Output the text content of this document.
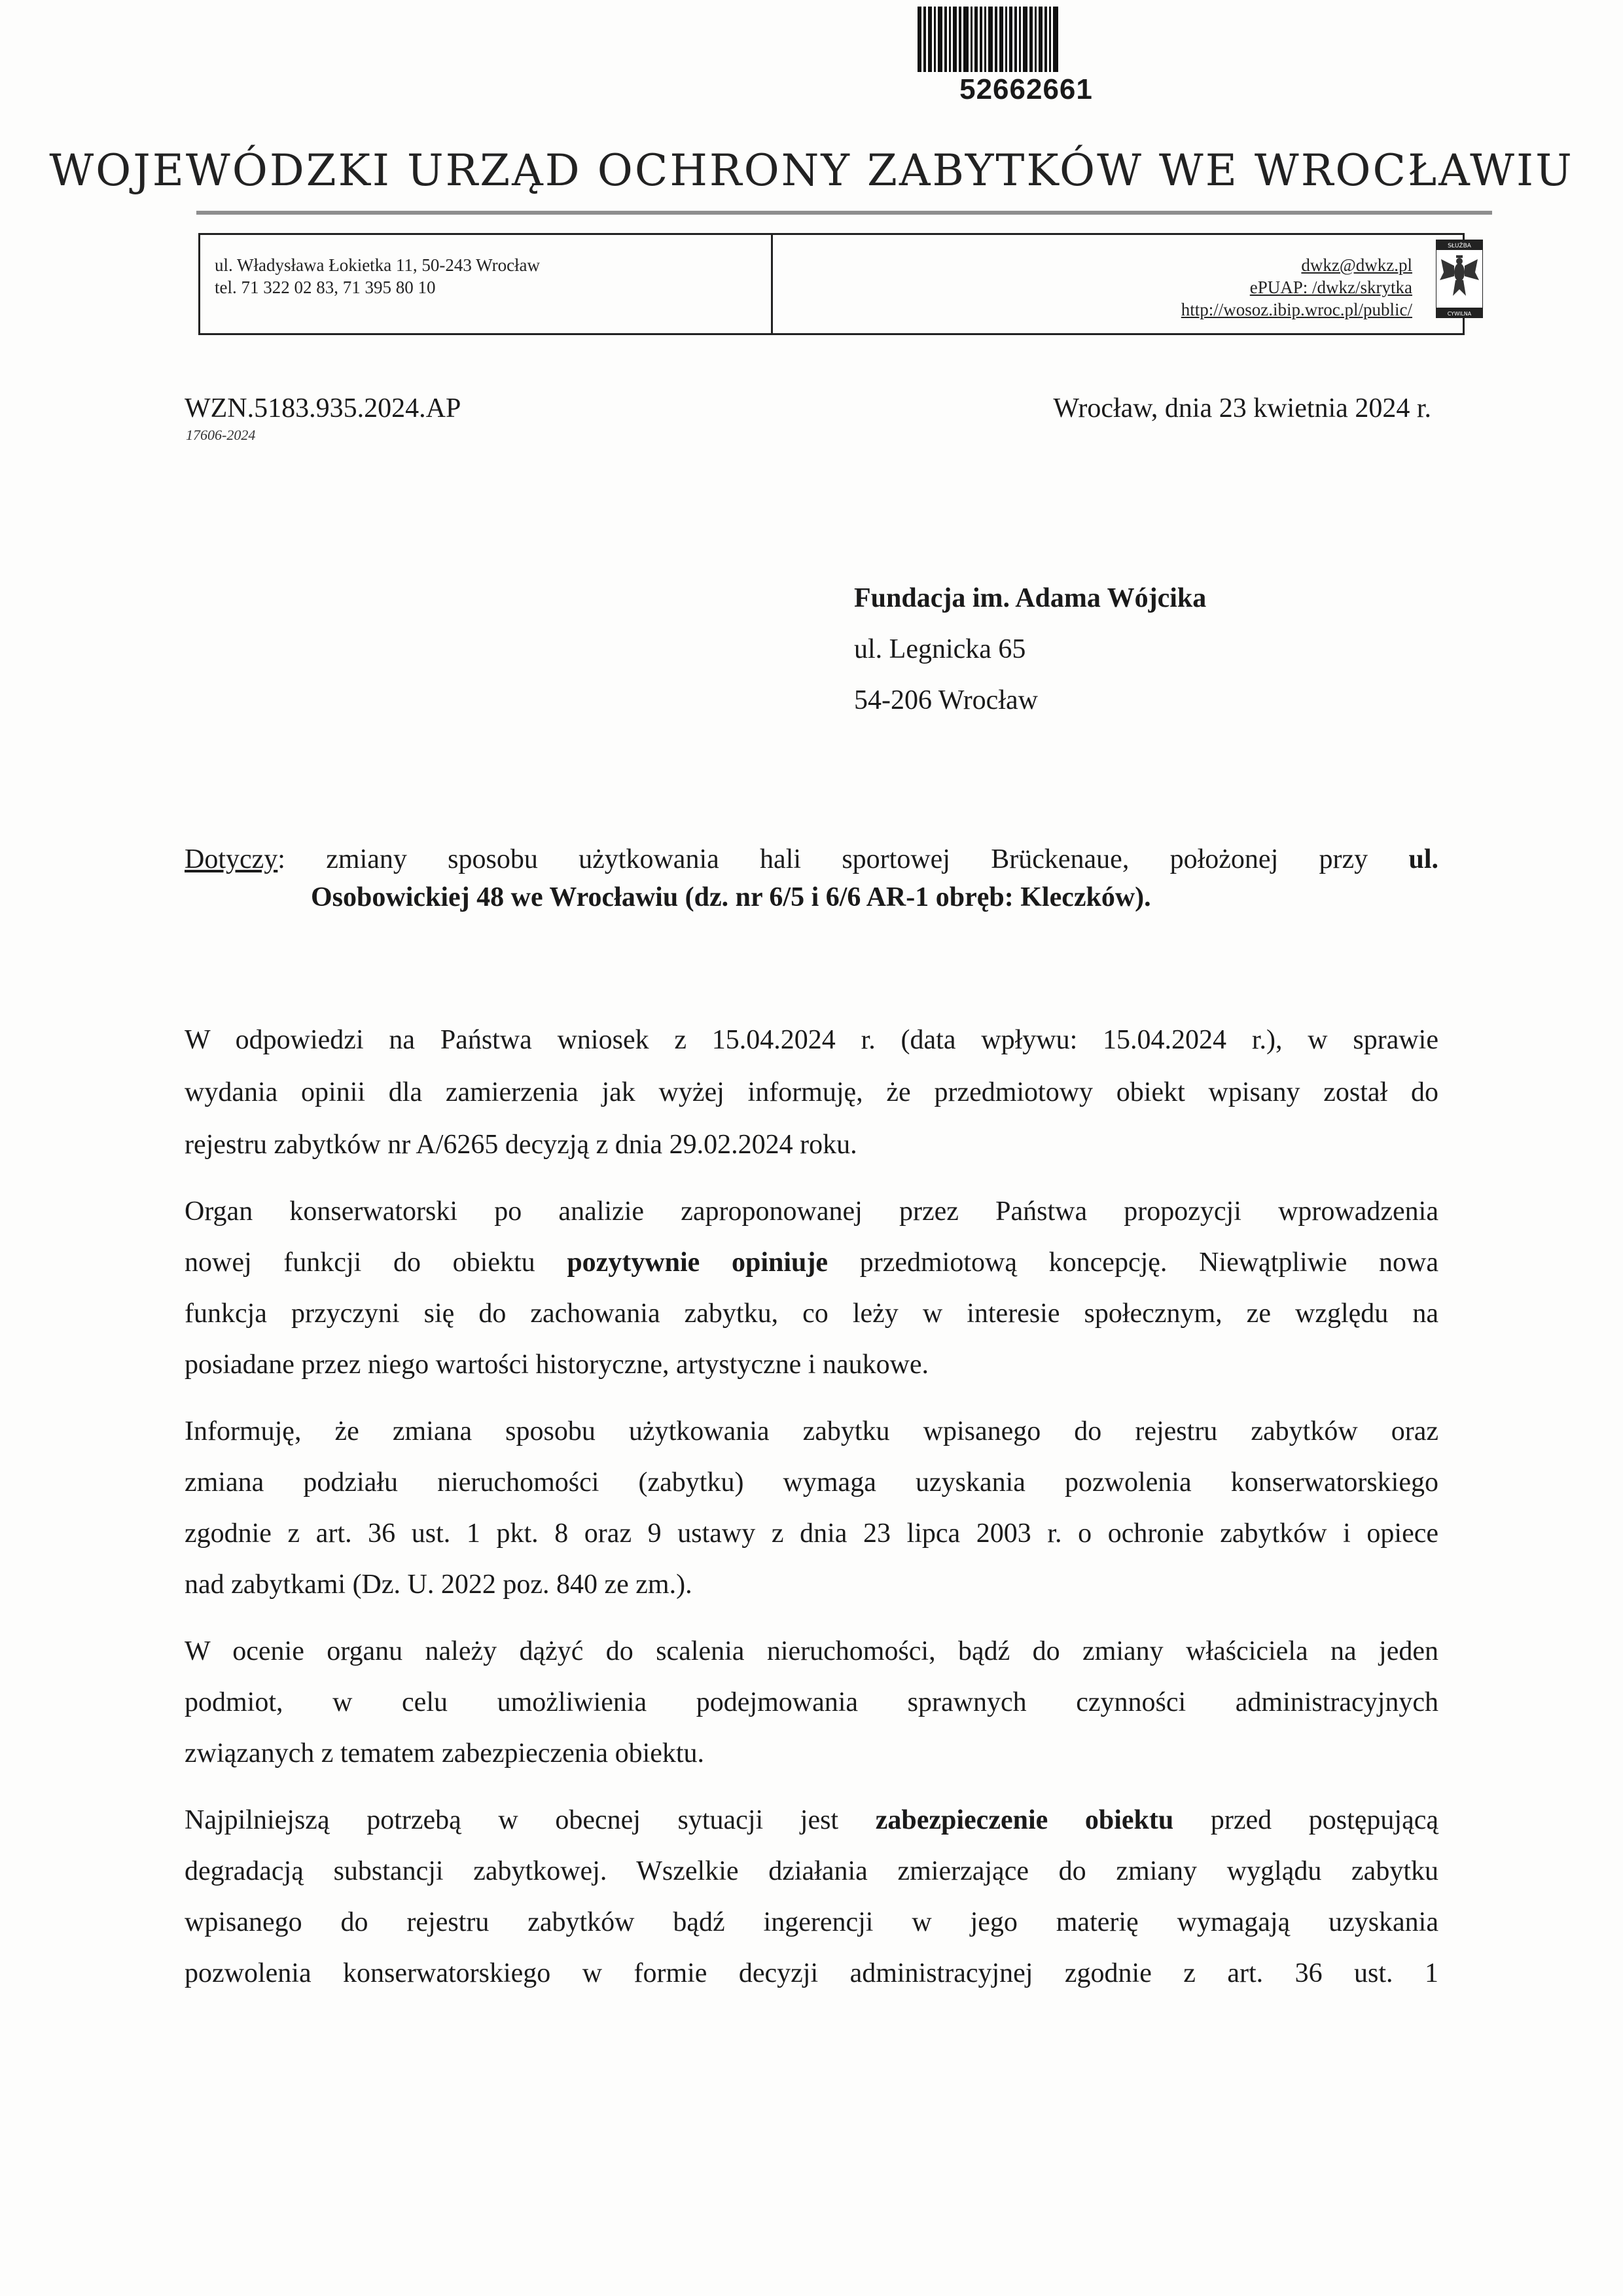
52662661
WOJEWÓDZKI URZĄD OCHRONY ZABYTKÓW WE WROCŁAWIU
ul. Władysława Łokietka 11, 50-243 Wrocław
tel. 71 322 02 83, 71 395 80 10
dwkz@dwkz.pl
ePUAP: /dwkz/skrytka
http://wosoz.ibip.wroc.pl/public/
SŁUŻBA
CYWILNA
WZN.5183.935.2024.AP
17606-2024
Wrocław, dnia 23 kwietnia 2024 r.
Fundacja im. Adama Wójcika
ul. Legnicka 65
54-206 Wrocław
Dotyczy: zmiany sposobu użytkowania hali sportowej Brückenaue, położonej przy ul.
Osobowickiej 48 we Wrocławiu (dz. nr 6/5 i 6/6 AR-1 obręb: Kleczków).
W odpowiedzi na Państwa wniosek z 15.04.2024 r. (data wpływu: 15.04.2024 r.), w sprawie
wydania opinii dla zamierzenia jak wyżej informuję, że przedmiotowy obiekt wpisany został do
rejestru zabytków nr A/6265 decyzją z dnia 29.02.2024 roku.
Organ konserwatorski po analizie zaproponowanej przez Państwa propozycji wprowadzenia
nowej funkcji do obiektu pozytywnie opiniuje przedmiotową koncepcję. Niewątpliwie nowa
funkcja przyczyni się do zachowania zabytku, co leży w interesie społecznym, ze względu na
posiadane przez niego wartości historyczne, artystyczne i naukowe.
Informuję, że zmiana sposobu użytkowania zabytku wpisanego do rejestru zabytków oraz
zmiana podziału nieruchomości (zabytku) wymaga uzyskania pozwolenia konserwatorskiego
zgodnie z art. 36 ust. 1 pkt. 8 oraz 9 ustawy z dnia 23 lipca 2003 r. o ochronie zabytków i opiece
nad zabytkami (Dz. U. 2022 poz. 840 ze zm.).
W ocenie organu należy dążyć do scalenia nieruchomości, bądź do zmiany właściciela na jeden
podmiot, w celu umożliwienia podejmowania sprawnych czynności administracyjnych
związanych z tematem zabezpieczenia obiektu.
Najpilniejszą potrzebą w obecnej sytuacji jest zabezpieczenie obiektu przed postępującą
degradacją substancji zabytkowej. Wszelkie działania zmierzające do zmiany wyglądu zabytku
wpisanego do rejestru zabytków bądź ingerencji w jego materię wymagają uzyskania
pozwolenia konserwatorskiego w formie decyzji administracyjnej zgodnie z art. 36 ust. 1
